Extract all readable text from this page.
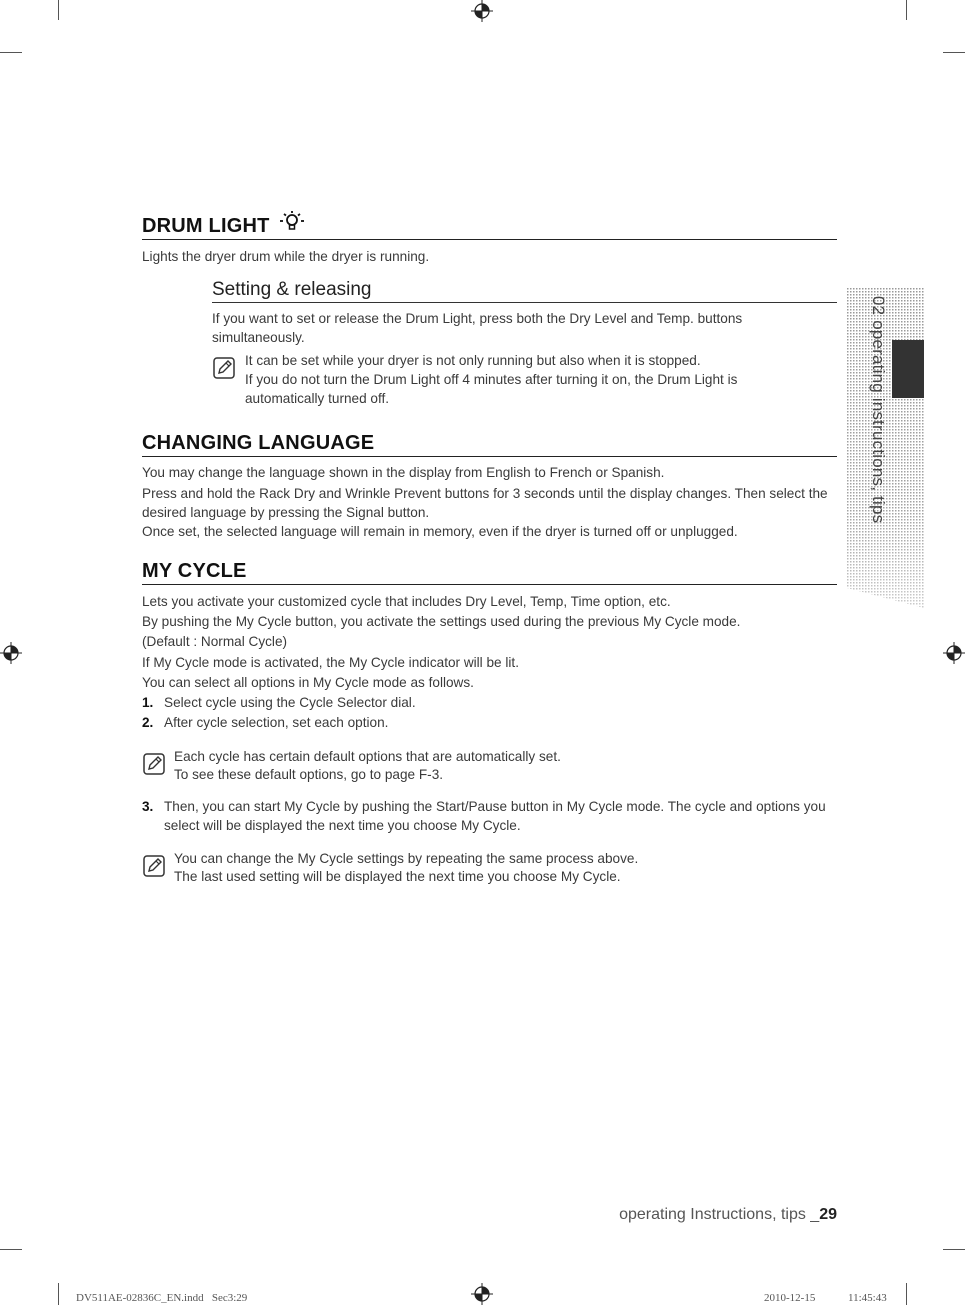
DRUM LIGHT

Lights the dryer drum while the dryer is running.

Setting & releasing

If you want to set or release the Drum Light, press both the Dry Level and Temp. buttons simultaneously.

It can be set while your dryer is not only running but also when it is stopped.

If you do not turn the Drum Light off 4 minutes after turning it on, the Drum Light is automatically turned off.

CHANGING LANGUAGE

You may change the language shown in the display from English to French or Spanish.

Press and hold the Rack Dry and Wrinkle Prevent buttons for 3 seconds until the display changes. Then select the desired language by pressing the Signal button.

Once set, the selected language will remain in memory, even if the dryer is turned off or unplugged.

MY CYCLE

Lets you activate your customized cycle that includes Dry Level, Temp, Time option, etc.

By pushing the My Cycle button, you activate the settings used during the previous My Cycle mode.

(Default : Normal Cycle)

If My Cycle mode is activated, the My Cycle indicator will be lit.

You can select all options in My Cycle mode as follows.

1. Select cycle using the Cycle Selector dial.

2. After cycle selection, set each option.

Each cycle has certain default options that are automatically set.

To see these default options, go to page F-3.

3. Then, you can start My Cycle by pushing the Start/Pause button in My Cycle mode. The cycle and options you select will be displayed the next time you choose My Cycle.

You can change the My Cycle settings by repeating the same process above.

The last used setting will be displayed the next time you choose My Cycle.

02 operating instructions, tips
operating Instructions, tips _29
DV511AE-02836C_EN.indd   Sec3:29	2010-12-15	11:45:43
